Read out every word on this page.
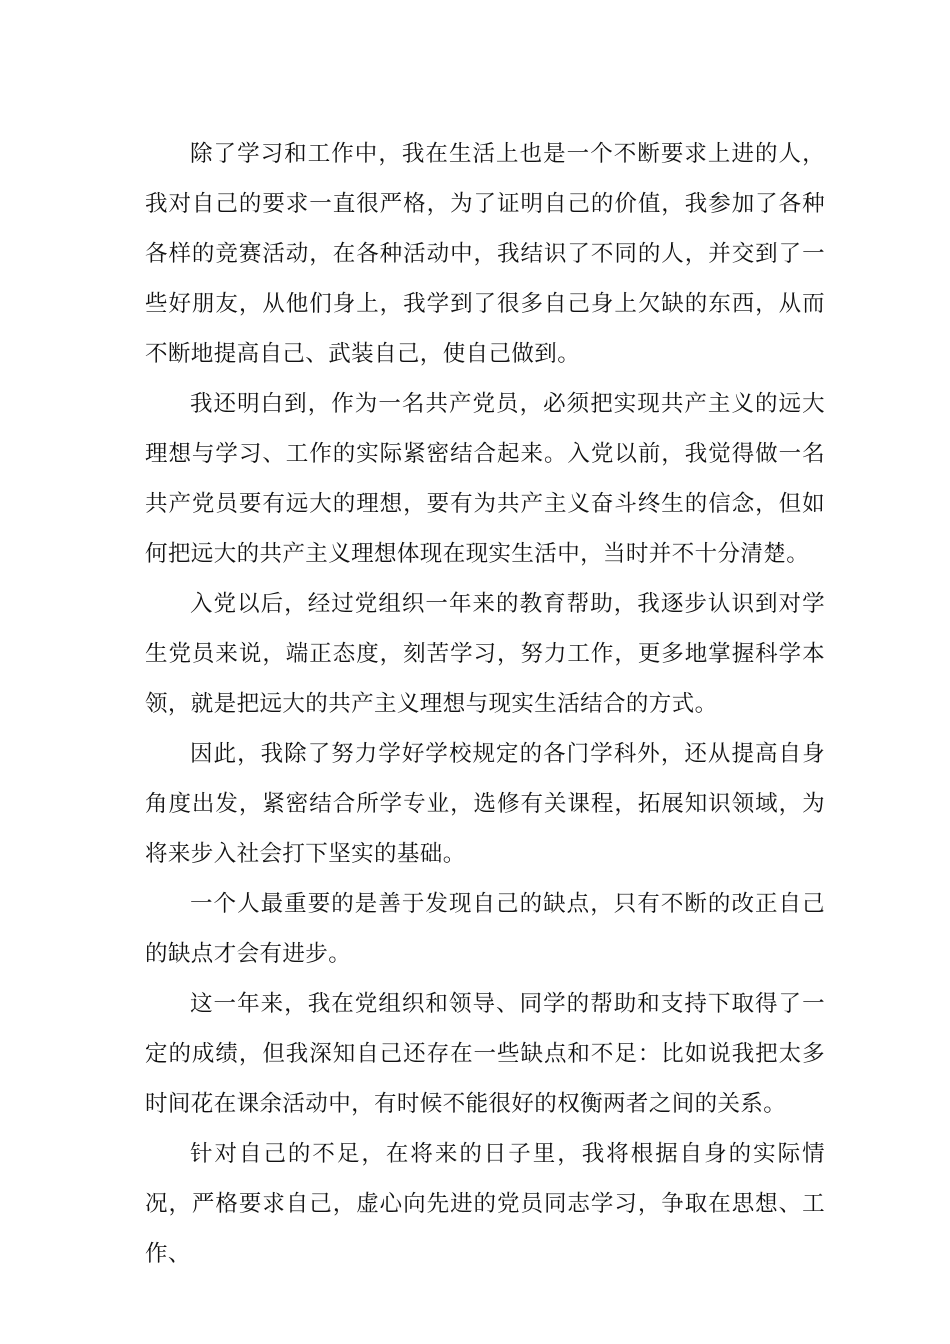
除了学习和工作中，我在生活上也是一个不断要求上进的人，我对自己的要求一直很严格，为了证明自己的价值，我参加了各种各样的竞赛活动，在各种活动中，我结识了不同的人，并交到了一些好朋友，从他们身上，我学到了很多自己身上欠缺的东西，从而不断地提高自己、武装自己，使自己做到。

我还明白到，作为一名共产党员，必须把实现共产主义的远大理想与学习、工作的实际紧密结合起来。入党以前，我觉得做一名共产党员要有远大的理想，要有为共产主义奋斗终生的信念，但如何把远大的共产主义理想体现在现实生活中，当时并不十分清楚。

入党以后，经过党组织一年来的教育帮助，我逐步认识到对学生党员来说，端正态度，刻苦学习，努力工作，更多地掌握科学本领，就是把远大的共产主义理想与现实生活结合的方式。

因此，我除了努力学好学校规定的各门学科外，还从提高自身角度出发，紧密结合所学专业，选修有关课程，拓展知识领域，为将来步入社会打下坚实的基础。

一个人最重要的是善于发现自己的缺点，只有不断的改正自己的缺点才会有进步。

这一年来，我在党组织和领导、同学的帮助和支持下取得了一定的成绩，但我深知自己还存在一些缺点和不足：比如说我把太多时间花在课余活动中，有时候不能很好的权衡两者之间的关系。

针对自己的不足，在将来的日子里，我将根据自身的实际情况，严格要求自己，虚心向先进的党员同志学习，争取在思想、工作、
